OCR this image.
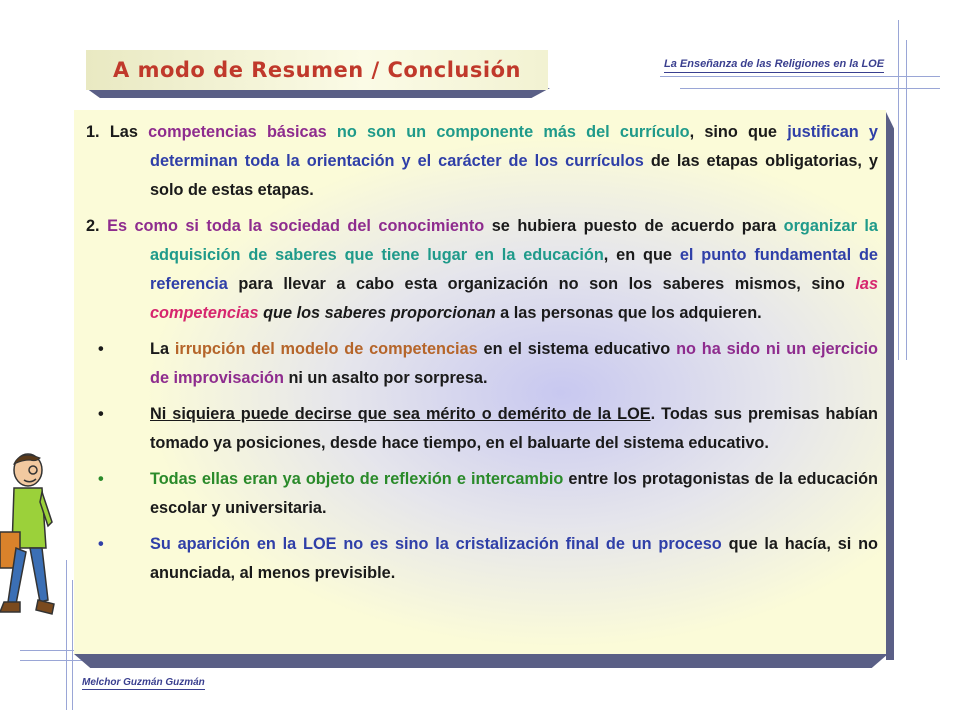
A modo de Resumen / Conclusión	La Enseñanza de las Religiones en la LOE
1. Las competencias básicas no son un componente más del currículo, sino que justifican y determinan toda la orientación y el carácter de los currículos de las etapas obligatorias, y solo de estas etapas.
2. Es como si toda la sociedad del conocimiento se hubiera puesto de acuerdo para organizar la adquisición de saberes que tiene lugar en la educación, en que el punto fundamental de referencia para llevar a cabo esta organización no son los saberes mismos, sino las competencias que los saberes proporcionan a las personas que los adquieren.
•	La irrupción del modelo de competencias en el sistema educativo no ha sido ni un ejercicio de improvisación ni un asalto por sorpresa.
•	Ni siquiera puede decirse que sea mérito o demérito de la LOE. Todas sus premisas habían tomado ya posiciones, desde hace tiempo, en el baluarte del sistema educativo.
•	Todas ellas eran ya objeto de reflexión e intercambio entre los protagonistas de la educación escolar y universitaria.
•	Su aparición en la LOE no es sino la cristalización final de un proceso que la hacía, si no anunciada, al menos previsible.
Melchor Guzmán Guzmán
